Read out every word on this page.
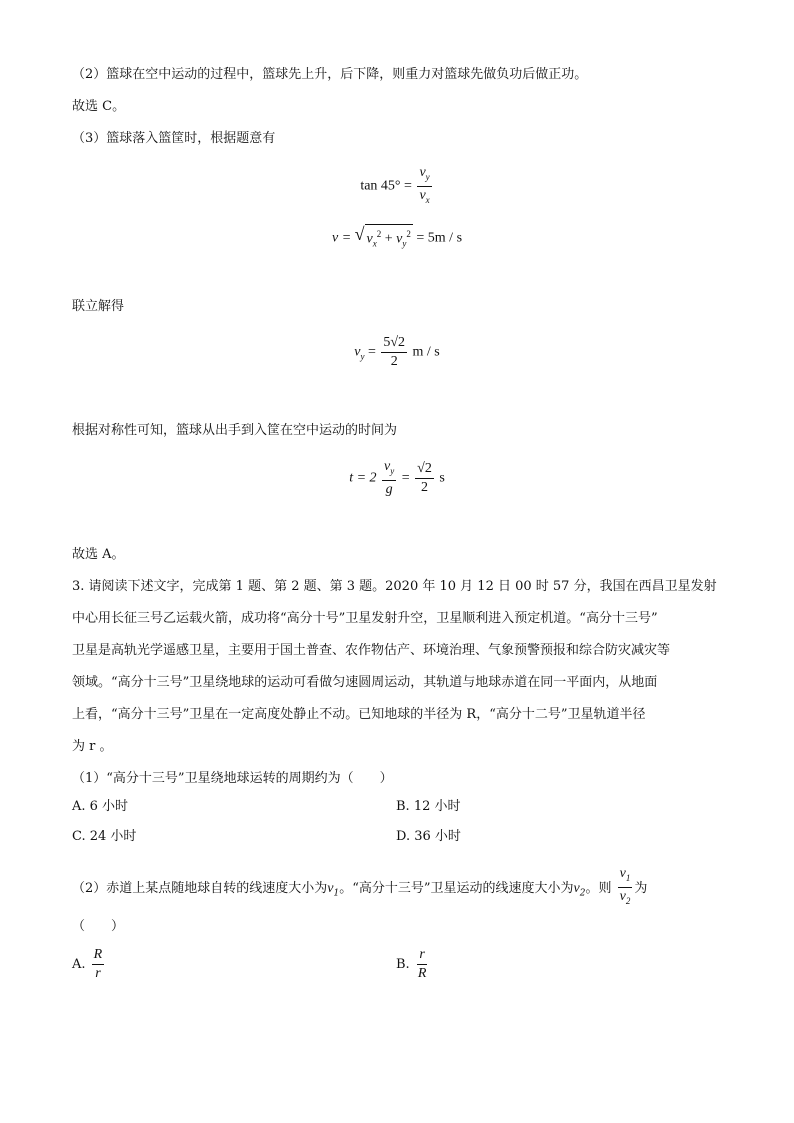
（2）篮球在空中运动的过程中，篮球先上升，后下降，则重力对篮球先做负功后做正功。
故选 C。
（3）篮球落入篮筐时，根据题意有
$\tan 45^\circ = \frac{v_y}{v_x}$
v = √ $v_x^2 + v_y^2 = 5m / s$
联立解得
$v_y = \frac{5√2}{2}$ m / s
根据对称性可知，篮球从出手到入筐在空中运动的时间为
$t = 2 \frac{v_y}{g} = \frac{√2}{2}$ s
故选 A。
3. 请阅读下述文字，完成第 1 题、第 2 题、第 3 题。2020 年 10 月 12 日 00 时 57 分，我国在西昌卫星发射
中心用长征三号乙运载火箭，成功将“高分十号”卫星发射升空，卫星顺利进入预定机道。“高分十三号”
卫星是高轨光学遥感卫星，主要用于国土普查、农作物估产、环境治理、气象预警预报和综合防灾减灾等
领域。“高分十三号”卫星绕地球的运动可看做匀速圆周运动，其轨道与地球赤道在同一平面内，从地面
上看，“高分十三号”卫星在一定高度处静止不动。已知地球的半径为 R，“高分十二号”卫星轨道半径
为 r 。
（1）“高分十三号”卫星绕地球运转的周期约为（　　）
A. 6 小时	B. 12 小时
C. 24 小时	D. 36 小时
（2）赤道上某点随地球自转的线速度大小为$v_1$。“高分十三号”卫星运动的线速度大小为$v_2$。则 $\frac{v_1}{v_2}$ 为
（　　）
A. $\frac{R}{r}$	B. $\frac{r}{R}$
